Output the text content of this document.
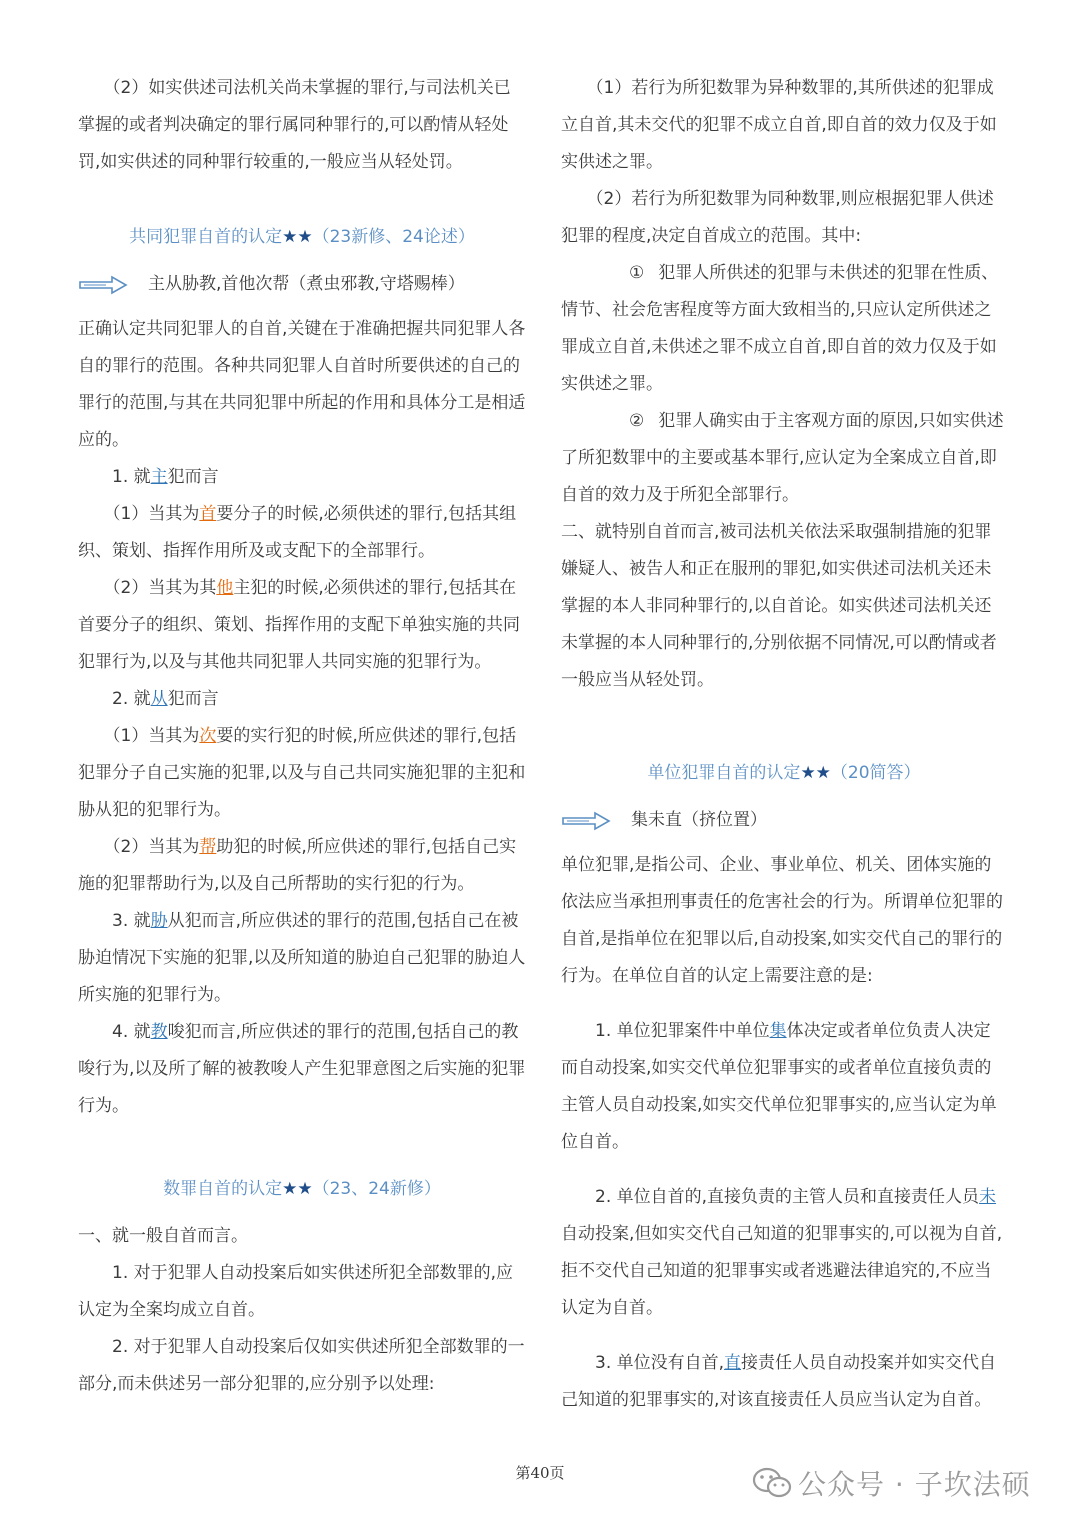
（2）如实供述司法机关尚未掌握的罪行,与司法机关已掌握的或者判决确定的罪行属同种罪行的,可以酌情从轻处罚,如实供述的同种罪行较重的,一般应当从轻处罚。

共同犯罪自首的认定★★（23新修、24论述）
主从胁教,首他次帮（煮虫邪教,守塔赐棒）

正确认定共同犯罪人的自首,关键在于准确把握共同犯罪人各自的罪行的范围。各种共同犯罪人自首时所要供述的自己的罪行的范围,与其在共同犯罪中所起的作用和具体分工是相适应的。

1. 就主犯而言

（1）当其为首要分子的时候,必须供述的罪行,包括其组织、策划、指挥作用所及或支配下的全部罪行。

（2）当其为其他主犯的时候,必须供述的罪行,包括其在首要分子的组织、策划、指挥作用的支配下单独实施的共同犯罪行为,以及与其他共同犯罪人共同实施的犯罪行为。

2. 就从犯而言

（1）当其为次要的实行犯的时候,所应供述的罪行,包括犯罪分子自己实施的犯罪,以及与自己共同实施犯罪的主犯和胁从犯的犯罪行为。

（2）当其为帮助犯的时候,所应供述的罪行,包括自己实施的犯罪帮助行为,以及自己所帮助的实行犯的行为。

3. 就胁从犯而言,所应供述的罪行的范围,包括自己在被胁迫情况下实施的犯罪,以及所知道的胁迫自己犯罪的胁迫人所实施的犯罪行为。

4. 就教唆犯而言,所应供述的罪行的范围,包括自己的教唆行为,以及所了解的被教唆人产生犯罪意图之后实施的犯罪行为。

数罪自首的认定★★（23、24新修）

一、就一般自首而言。

1. 对于犯罪人自动投案后如实供述所犯全部数罪的,应认定为全案均成立自首。

2. 对于犯罪人自动投案后仅如实供述所犯全部数罪的一部分,而未供述另一部分犯罪的,应分别予以处理:

（1）若行为所犯数罪为异种数罪的,其所供述的犯罪成立自首,其未交代的犯罪不成立自首,即自首的效力仅及于如实供述之罪。

（2）若行为所犯数罪为同种数罪,则应根据犯罪人供述犯罪的程度,决定自首成立的范围。其中:

① 犯罪人所供述的犯罪与未供述的犯罪在性质、情节、社会危害程度等方面大致相当的,只应认定所供述之罪成立自首,未供述之罪不成立自首,即自首的效力仅及于如实供述之罪。

② 犯罪人确实由于主客观方面的原因,只如实供述了所犯数罪中的主要或基本罪行,应认定为全案成立自首,即自首的效力及于所犯全部罪行。

二、就特别自首而言,被司法机关依法采取强制措施的犯罪嫌疑人、被告人和正在服刑的罪犯,如实供述司法机关还未掌握的本人非同种罪行的,以自首论。如实供述司法机关还未掌握的本人同种罪行的,分别依据不同情况,可以酌情或者一般应当从轻处罚。

单位犯罪自首的认定★★（20简答）
集未直（挤位置）

单位犯罪,是指公司、企业、事业单位、机关、团体实施的依法应当承担刑事责任的危害社会的行为。所谓单位犯罪的自首,是指单位在犯罪以后,自动投案,如实交代自己的罪行的行为。在单位自首的认定上需要注意的是:

1. 单位犯罪案件中单位集体决定或者单位负责人决定而自动投案,如实交代单位犯罪事实的或者单位直接负责的主管人员自动投案,如实交代单位犯罪事实的,应当认定为单位自首。

2. 单位自首的,直接负责的主管人员和直接责任人员未自动投案,但如实交代自己知道的犯罪事实的,可以视为自首,拒不交代自己知道的犯罪事实或者逃避法律追究的,不应当认定为自首。

3. 单位没有自首,直接责任人员自动投案并如实交代自己知道的犯罪事实的,对该直接责任人员应当认定为自首。

第40页	公众号 · 子坎法硕
